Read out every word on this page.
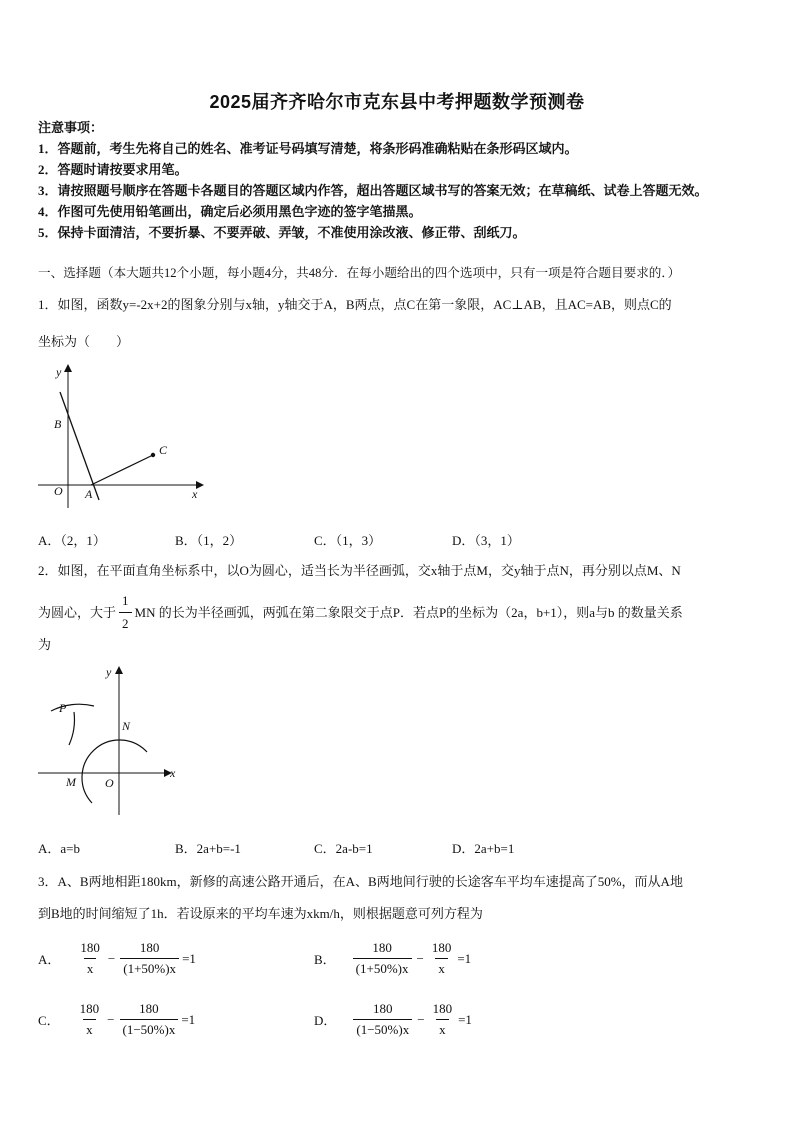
2025届齐齐哈尔市克东县中考押题数学预测卷
注意事项：
1．答题前，考生先将自己的姓名、准考证号码填写清楚，将条形码准确粘贴在条形码区域内。
2．答题时请按要求用笔。
3．请按照题号顺序在答题卡各题目的答题区域内作答，超出答题区域书写的答案无效；在草稿纸、试卷上答题无效。
4．作图可先使用铅笔画出，确定后必须用黑色字迹的签字笔描黑。
5．保持卡面清洁，不要折暴、不要弄破、弄皱，不准使用涂改液、修正带、刮纸刀。
一、选择题（本大题共12个小题，每小题4分，共48分．在每小题给出的四个选项中，只有一项是符合题目要求的．）
1．如图，函数y=-2x+2的图象分别与x轴，y轴交于A，B两点，点C在第一象限，AC⊥AB，且AC=AB，则点C的
坐标为（　　）
y
B
C
O A	x
A．（2，1）	B．（1，2）	C．（1，3）	D．（3，1）
2．如图，在平面直角坐标系中，以O为圆心，适当长为半径画弧，交x轴于点M，交y轴于点N，再分别以点M、N
为圆心，大于 $\frac{1}{2}$ MN 的长为半径画弧，两弧在第二象限交于点P．若点P的坐标为（2a，b+1），则a与b 的数量关系
为
y
P
N
M O
x
A．a=b	B．2a+b=-1	C．2a-b=1	D．2a+b=1
3．A、B两地相距180km，新修的高速公路开通后，在A、B两地间行驶的长途客车平均车速提高了50%，而从A地
到B地的时间缩短了1h．若设原来的平均车速为xkm/h，则根据题意可列方程为
A． $\frac{180}{x} - \frac{180}{(1+50\%)x} =1$	B． $\frac{180}{(1+50\%)x} - \frac{180}{x} =1$
C． $\frac{180}{x} - \frac{180}{(1-50\%)x} =1$	D． $\frac{180}{(1-50\%)x} - \frac{180}{x} =1$
